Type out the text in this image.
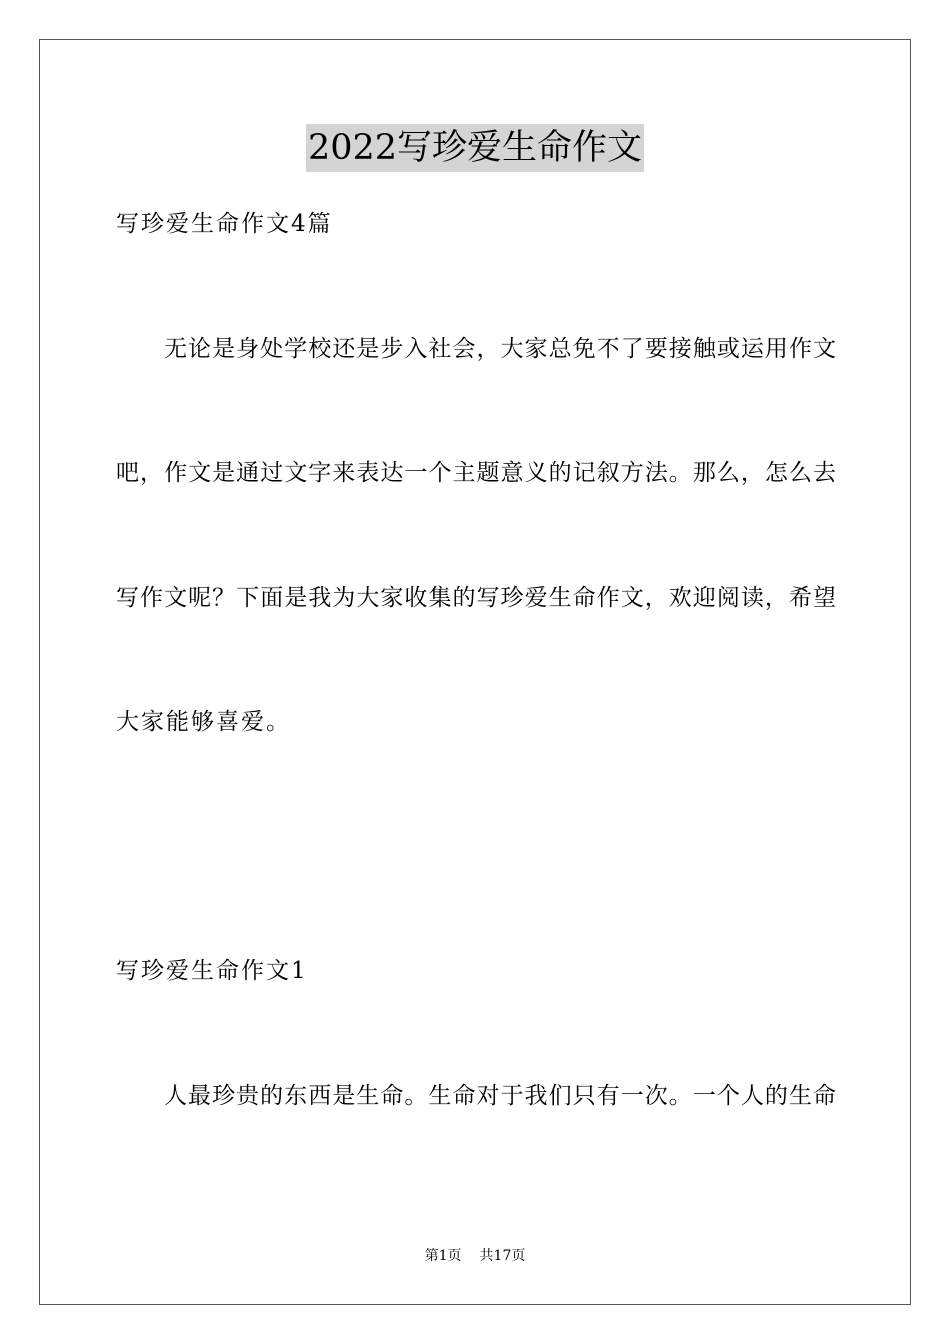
2022写珍爱生命作文
写珍爱生命作文4篇
无论是身处学校还是步入社会，大家总免不了要接触或运用作文
吧，作文是通过文字来表达一个主题意义的记叙方法。那么，怎么去
写作文呢？下面是我为大家收集的写珍爱生命作文，欢迎阅读，希望
大家能够喜爱。
写珍爱生命作文1
人最珍贵的东西是生命。生命对于我们只有一次。一个人的生命
第1页 共17页
